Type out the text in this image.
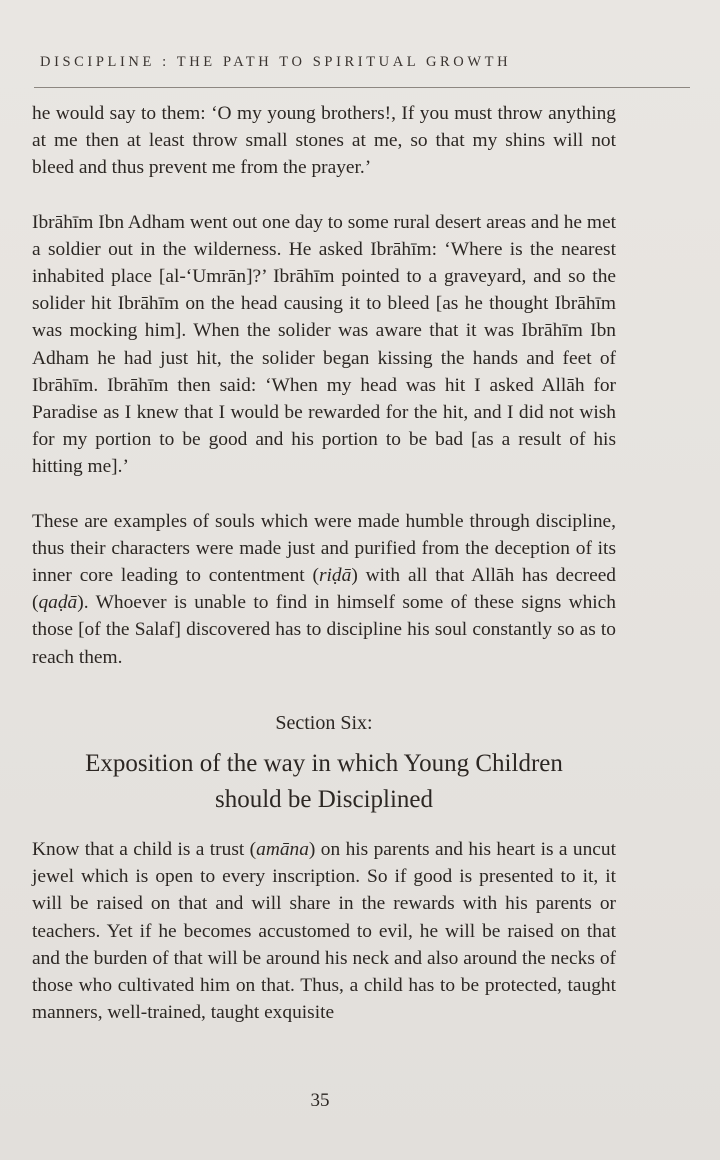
DISCIPLINE : THE PATH TO SPIRITUAL GROWTH

he would say to them: ‘O my young brothers!, If you must throw anything at me then at least throw small stones at me, so that my shins will not bleed and thus prevent me from the prayer.’

Ibrāhīm Ibn Adham went out one day to some rural desert areas and he met a soldier out in the wilderness. He asked Ibrāhīm: ‘Where is the nearest inhabited place [al-‘Umrān]?’ Ibrāhīm pointed to a graveyard, and so the solider hit Ibrāhīm on the head causing it to bleed [as he thought Ibrāhīm was mocking him]. When the solider was aware that it was Ibrāhīm Ibn Adham he had just hit, the solider began kissing the hands and feet of Ibrāhīm. Ibrāhīm then said: ‘When my head was hit I asked Allāh for Paradise as I knew that I would be rewarded for the hit, and I did not wish for my portion to be good and his portion to be bad [as a result of his hitting me].’

These are examples of souls which were made humble through discipline, thus their characters were made just and purified from the deception of its inner core leading to contentment (riḍā) with all that Allāh has decreed (qaḍā). Whoever is unable to find in himself some of these signs which those [of the Salaf] discovered has to discipline his soul constantly so as to reach them.

Section Six:
Exposition of the way in which Young Children
should be Disciplined

Know that a child is a trust (amāna) on his parents and his heart is a uncut jewel which is open to every inscription. So if good is presented to it, it will be raised on that and will share in the rewards with his parents or teachers. Yet if he becomes accustomed to evil, he will be raised on that and the burden of that will be around his neck and also around the necks of those who cultivated him on that. Thus, a child has to be protected, taught manners, well-trained, taught exquisite

35
